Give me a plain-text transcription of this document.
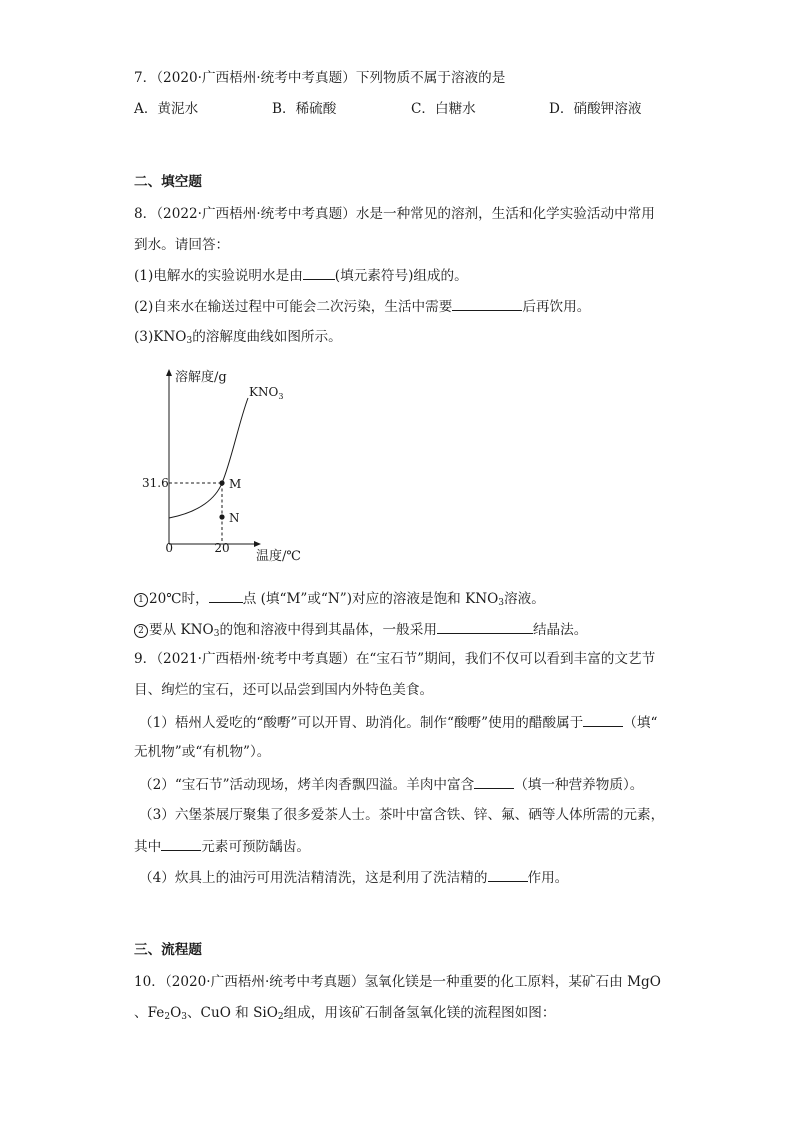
7．（2020·广西梧州·统考中考真题）下列物质不属于溶液的是
A．黄泥水	B．稀硫酸	C．白糖水	D．硝酸钾溶液
二、填空题
8．（2022·广西梧州·统考中考真题）水是一种常见的溶剂，生活和化学实验活动中常用
到水。请回答：
(1)电解水的实验说明水是由 (填元素符号)组成的。
(2)自来水在输送过程中可能会二次污染，生活中需要	后再饮用。
$(3)KNO_3$的溶解度曲线如图所示。
溶解度/g
温度/℃
0	20
31.6
$KNO_3$
M
N
1 20℃时，	点 (填“M”或“N”)对应的溶液是饱和 $KNO_3$溶液。
2 要从 $KNO_3$的饱和溶液中得到其晶体，一般采用	结晶法。
9．（2021·广西梧州·统考中考真题）在“宝石节”期间，我们不仅可以看到丰富的文艺节
目、绚烂的宝石，还可以品尝到国内外特色美食。
（1）梧州人爱吃的“酸嘢”可以开胃、助消化。制作“酸嘢”使用的醋酸属于	（填“
无机物”或“有机物”）。
（2）“宝石节”活动现场，烤羊肉香飘四溢。羊肉中富含	（填一种营养物质）。
（3）六堡茶展厅聚集了很多爱茶人士。茶叶中富含铁、锌、氟、硒等人体所需的元素，
其中	元素可预防龋齿。
（4）炊具上的油污可用洗洁精清洗，这是利用了洗洁精的	作用。
三、流程题
10．（2020·广西梧州·统考中考真题）氢氧化镁是一种重要的化工原料，某矿石由 MgO
、$Fe_2O_3$、CuO 和 SiO$_2$组成，用该矿石制备氢氧化镁的流程图如图：
